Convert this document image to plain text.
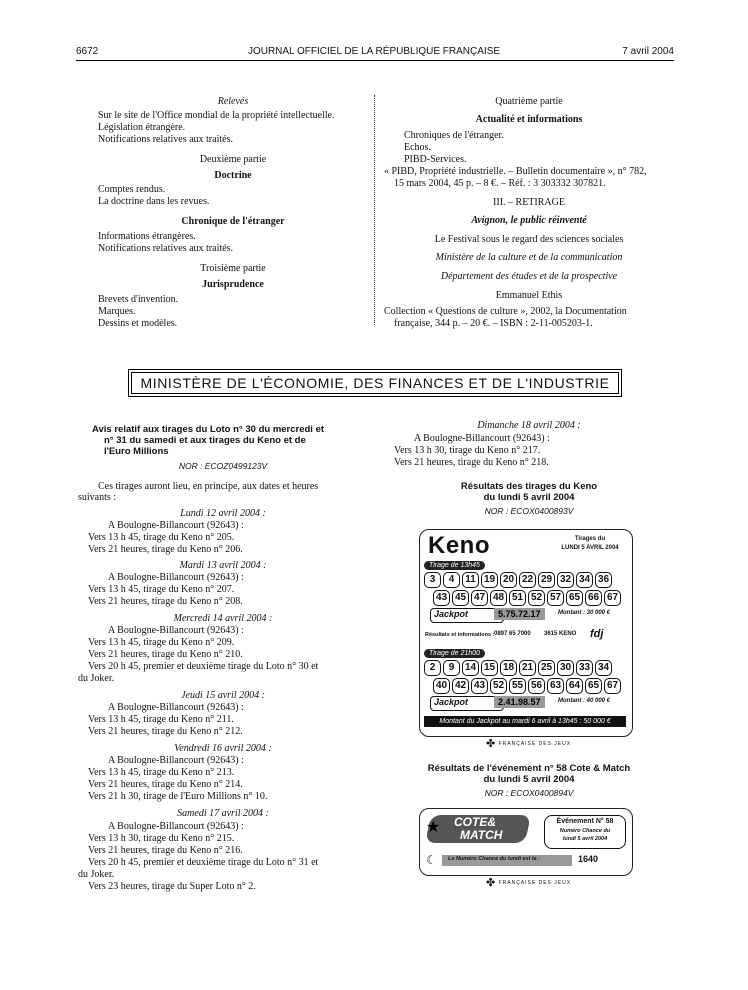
6672	JOURNAL OFFICIEL DE LA RÉPUBLIQUE FRANÇAISE	7 avril 2004
Relevés
Sur le site de l'Office mondial de la propriété intellectuelle.
Législation étrangère.
Notifications relatives aux traités.
Deuxième partie
Doctrine
Comptes rendus.
La doctrine dans les revues.
Chronique de l'étranger
Informations étrangères.
Notifications relatives aux traités.
Troisième partie
Jurisprudence
Brevets d'invention.
Marques.
Dessins et modèles.
Quatrième partie
Actualité et informations
Chroniques de l'étranger.
Echos.
PIBD-Services.
« PIBD, Propriété industrielle. – Bulletin documentaire », n° 782,
15 mars 2004, 45 p. – 8 €. – Réf. : 3 303332 307821.
III. – RETIRAGE
Avignon, le public réinventé
Le Festival sous le regard des sciences sociales
Ministère de la culture et de la communication
Département des études et de la prospective
Emmanuel Ethis
Collection « Questions de culture », 2002, la Documentation
française, 344 p. – 20 €. – ISBN : 2-11-005203-1.
MINISTÈRE DE L'ÉCONOMIE, DES FINANCES ET DE L'INDUSTRIE
Avis relatif aux tirages du Loto n° 30 du mercredi et
n° 31 du samedi et aux tirages du Keno et de
l'Euro Millions
NOR : ECOZ0499123V
Ces tirages auront lieu, en principe, aux dates et heures
suivants :
Lundi 12 avril 2004 :
A Boulogne-Billancourt (92643) :
Vers 13 h 45, tirage du Keno n° 205.
Vers 21 heures, tirage du Keno n° 206.
Mardi 13 avril 2004 :
A Boulogne-Billancourt (92643) :
Vers 13 h 45, tirage du Keno n° 207.
Vers 21 heures, tirage du Keno n° 208.
Mercredi 14 avril 2004 :
A Boulogne-Billancourt (92643) :
Vers 13 h 45, tirage du Keno n° 209.
Vers 21 heures, tirage du Keno n° 210.
Vers 20 h 45, premier et deuxième tirage du Loto n° 30 et
du Joker.
Jeudi 15 avril 2004 :
A Boulogne-Billancourt (92643) :
Vers 13 h 45, tirage du Keno n° 211.
Vers 21 heures, tirage du Keno n° 212.
Vendredi 16 avril 2004 :
A Boulogne-Billancourt (92643) :
Vers 13 h 45, tirage du Keno n° 213.
Vers 21 heures, tirage du Keno n° 214.
Vers 21 h 30, tirage de l'Euro Millions n° 10.
Samedi 17 avril 2004 :
A Boulogne-Billancourt (92643) :
Vers 13 h 30, tirage du Keno n° 215.
Vers 21 heures, tirage du Keno n° 216.
Vers 20 h 45, premier et deuxième tirage du Loto n° 31 et
du Joker.
Vers 23 heures, tirage du Super Loto n° 2.
Dimanche 18 avril 2004 :
A Boulogne-Billancourt (92643) :
Vers 13 h 30, tirage du Keno n° 217.
Vers 21 heures, tirage du Keno n° 218.
Résultats des tirages du Keno
du lundi 5 avril 2004
NOR : ECOX0400893V
Keno	Tirages du
LUNDI 5 AVRIL 2004
Tirage de 13h45
3	4	11 19 20 22 29 32 34 36
43 45 47 48 51 52 57 65 66 67
Jackpot	5.75.72.17	Montant : 30 000 €
Résultats et informations : 0897 65 7000 3615 KENO fdj
Tirage de 21h00
2	9	14 15 18 21 25 30 33 34
40 42 43 52 55 56 63 64 65 67
Jackpot	2.41.98.57	Montant : 40 000 €
Montant du Jackpot au mardi 6 avril à 13h45 : 50 000 €
✤ FRANÇAISE DES JEUX
Résultats de l'événement n° 58 Cote & Match
du lundi 5 avril 2004
NOR : ECOX0400894V
★ COTE&
MATCH
Événement N° 58
Numéro Chance du
lundi 5 avril 2004
☾ Le Numéro Chance du lundi est le :	1640
✤ FRANÇAISE DES JEUX
